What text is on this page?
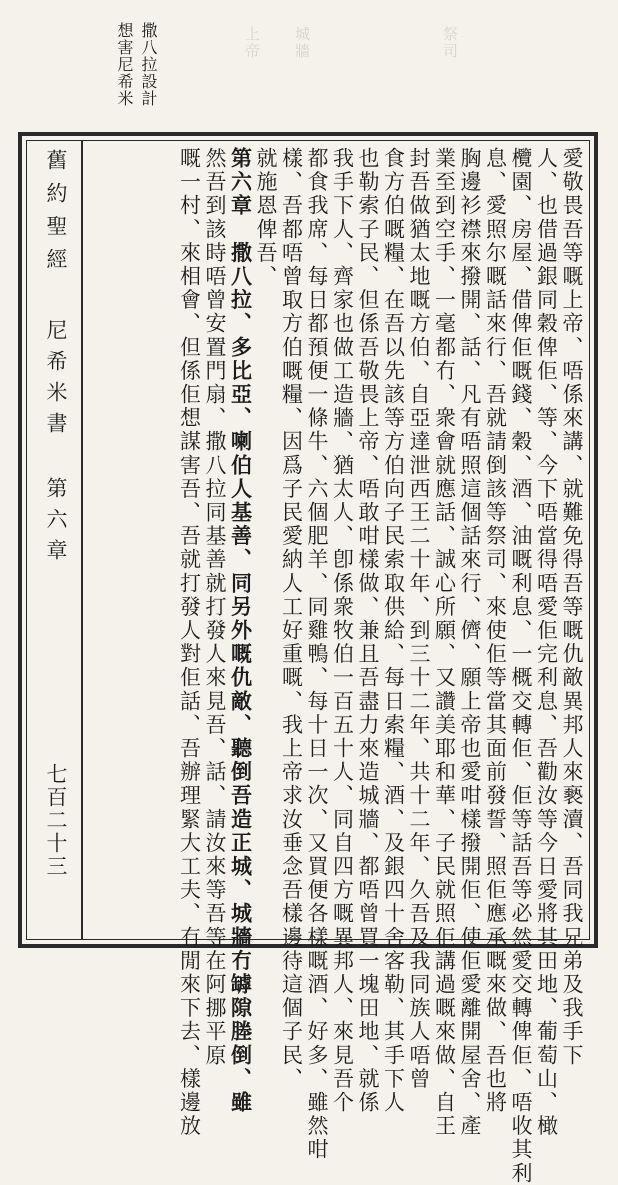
上帝 城牆	祭司
撒八拉設計
想害尼希米
舊約聖經
尼希米書
第六章
七百二十三	愛敬畏吾等嘅上帝、唔係來講、就難免得吾等嘅仇敵異邦人來褻瀆、吾同我兄弟及我手下
人、也借過銀同穀俾佢、等、今下唔當得唔愛佢完利息、吾勸汝等今日愛將其田地、葡萄山、橄
欖園、房屋、借俾佢嘅錢、穀、酒、油嘅利息、一概交轉佢、佢等話吾等必然愛交轉俾佢、唔收其利
息、愛照尔嘅話來行、吾就請倒該等祭司、來使佢等當其面前發誓、照佢應承嘅來做、吾也將
胸邊衫襟來撥開、話、凡有唔照這個話來行、儕、願上帝也愛咁樣撥開佢、使佢愛離開屋舍、產
業至到空手、一毫都冇、衆會就應話、誠心所願、又讚美耶和華、子民就照佢講過嘅來做、自王
封吾做猶太地嘅方伯、自亞達泄西王二十年、到三十二年、共十二年、久吾及我同族人唔曾
食方伯嘅糧、在吾以先該等方伯向子民索取供給、每日索糧、酒、及銀四十舍客勒、其手下人
也勒索子民、但係吾敬畏上帝、唔敢咁樣做、兼且吾盡力來造城牆、都唔曾買一塊田地、就係
我手下人、齊家也做工造牆、猶太人、卽係衆牧伯一百五十人、同自四方嘅異邦人、來見吾个
都食我席、每日都預便一條牛、六個肥羊、同雞鴨、每十日一次、又買便各樣嘅酒、好多、雖然咁
樣、吾都唔曾取方伯嘅糧、因爲子民愛納人工好重嘅、我上帝求汝垂念吾樣邊待這個子民、
就施恩俾吾、
第六章　撒八拉、多比亞、喇伯人基善、同另外嘅仇敵、聽倒吾造正城、城牆冇罅隙塍倒、雖
然吾到該時唔曾安置門扇、撒八拉同基善就打發人來見吾、話、請汝來等吾等在阿挪平原
嘅一村、來相會、但係佢想謀害吾、吾就打發人對佢話、吾辦理緊大工夫、冇閒來下去、樣邊放
